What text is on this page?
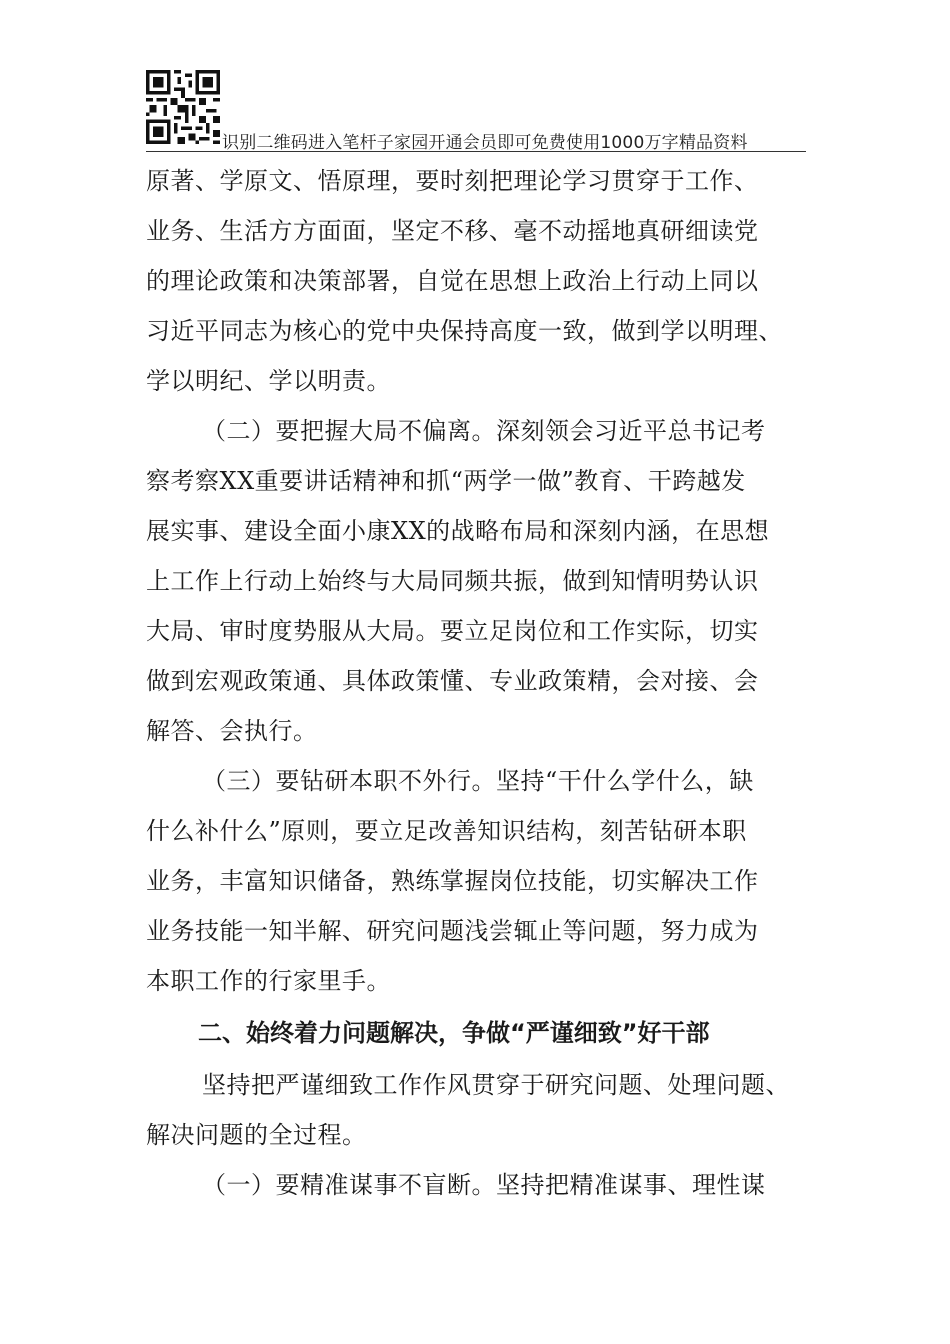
识别二维码进入笔杆子家园开通会员即可免费使用1000万字精品资料
原著、学原文、悟原理，要时刻把理论学习贯穿于工作、
业务、生活方方面面，坚定不移、毫不动摇地真研细读党
的理论政策和决策部署，自觉在思想上政治上行动上同以
习近平同志为核心的党中央保持高度一致，做到学以明理、
学以明纪、学以明责。
（二）要把握大局不偏离。深刻领会习近平总书记考
察考察XX重要讲话精神和抓“两学一做”教育、干跨越发
展实事、建设全面小康XX的战略布局和深刻内涵，在思想
上工作上行动上始终与大局同频共振，做到知情明势认识
大局、审时度势服从大局。要立足岗位和工作实际，切实
做到宏观政策通、具体政策懂、专业政策精，会对接、会
解答、会执行。
（三）要钻研本职不外行。坚持“干什么学什么，缺
什么补什么”原则，要立足改善知识结构，刻苦钻研本职
业务，丰富知识储备，熟练掌握岗位技能，切实解决工作
业务技能一知半解、研究问题浅尝辄止等问题，努力成为
本职工作的行家里手。
二、始终着力问题解决，争做“严谨细致”好干部
坚持把严谨细致工作作风贯穿于研究问题、处理问题、
解决问题的全过程。
（一）要精准谋事不盲断。坚持把精准谋事、理性谋
